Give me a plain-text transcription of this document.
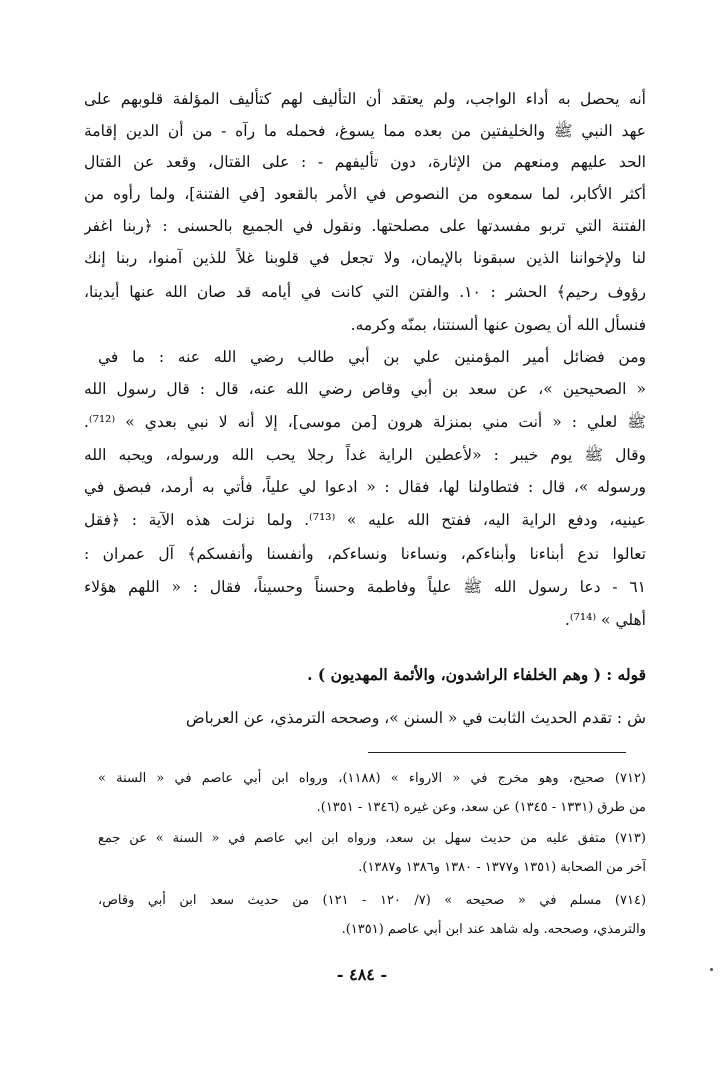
أنه يحصل به أداء الواجب، ولم يعتقد أن التأليف لهم كتأليف المؤلفة قلوبهم على
عهد النبي ﷺ والخليفتين من بعده مما يسوغ، فحمله ما رآه - من أن الدين إقامة
الحد عليهم ومنعهم من الإثارة، دون تأليفهم - : على القتال، وقعد عن القتال
أكثر الأكابر، لما سمعوه من النصوص في الأمر بالقعود [في الفتنة]، ولما رأوه من
الفتنة التي تربو مفسدتها على مصلحتها. ونقول في الجميع بالحسنى : ﴿ربنا اغفر
لنا ولإخواننا الذين سبقونا بالإيمان، ولا تجعل في قلوبنا غلاً للذين آمنوا، ربنا إنك
رؤوف رحيم﴾ الحشر : ١٠. والفتن التي كانت في أيامه قد صان الله عنها أيدينا،
فنسأل الله أن يصون عنها ألسنتنا، بمنّه وكرمه.
ومن فضائل أمير المؤمنين علي بن أبي طالب رضي الله عنه : ما في
« الصحيحين »، عن سعد بن أبي وقاص رضي الله عنه، قال : قال رسول الله
ﷺ لعلي : « أنت مني بمنزلة هرون [من موسى]، إلا أنه لا نبي بعدي » ⁽⁷¹²⁾.
وقال ﷺ يوم خيبر : «لأعطين الراية غداً رجلا يحب الله ورسوله، ويحبه الله
ورسوله »، قال : فتطاولنا لها، فقال : « ادعوا لي علياً، فأتي به أرمد، فبصق في
عينيه، ودفع الراية اليه، ففتح الله عليه » ⁽⁷¹³⁾. ولما نزلت هذه الآية : ﴿فقل
تعالوا ندع أبناءنا وأبناءكم، ونساءنا ونساءكم، وأنفسنا وأنفسكم﴾ آل عمران :
٦١ - دعا رسول الله ﷺ علياً وفاطمة وحسناً وحسيناً، فقال : « اللهم هؤلاء
أهلي » ⁽⁷¹⁴⁾.
قوله : ( وهم الخلفاء الراشدون، والأئمة المهديون ) .
ش : تقدم الحديث الثابت في « السنن »، وصححه الترمذي، عن العرباض
(٧١٢) صحيح، وهو مخرج في « الارواء » (١١٨٨)، ورواه ابن أبي عاصم في « السنة »
من طرق (١٣٣١ - ١٣٤٥) عن سعد، وعن غيره (١٣٤٦ - ١٣٥١).
(٧١٣) متفق عليه من حديث سهل بن سعد، ورواه ابن ابي عاصم في « السنة » عن جمع
آخر من الصحابة (١٣٥١ و١٣٧٧ - ١٣٨٠ و١٣٨٦ و١٣٨٧).
(٧١٤) مسلم في « صحيحه » (٧/ ١٢٠ - ١٢١) من حديث سعد ابن أبي وقاص،
والترمذي، وصححه. وله شاهد عند ابن أبي عاصم (١٣٥١).
- ٤٨٤ -
